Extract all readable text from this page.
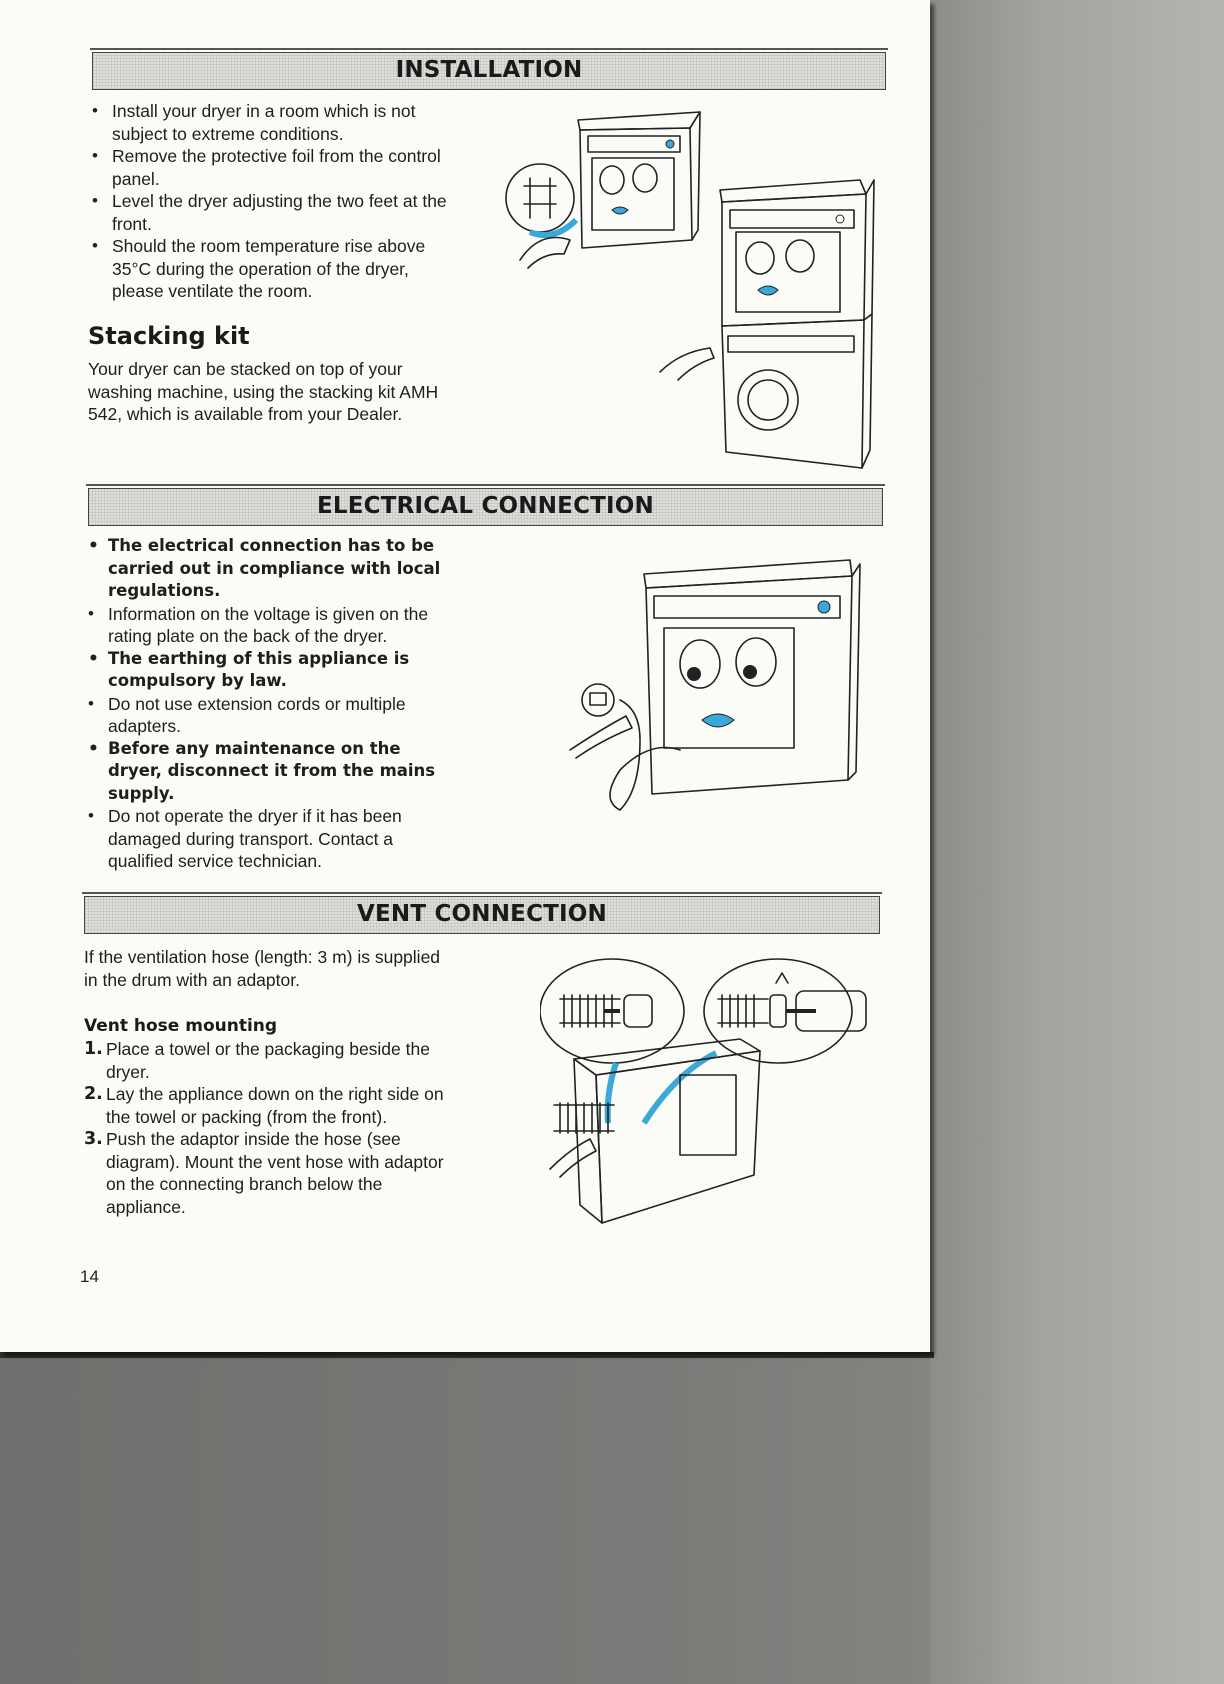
INSTALLATION
• Install your dryer in a room which is not subject to extreme conditions.
• Remove the protective foil from the control panel.
• Level the dryer adjusting the two feet at the front.
• Should the room temperature rise above 35°C during the operation of the dryer, please ventilate the room.
Stacking kit
Your dryer can be stacked on top of your washing machine, using the stacking kit AMH 542, which is available from your Dealer.
ELECTRICAL CONNECTION
• The electrical connection has to be carried out in compliance with local regulations.
• Information on the voltage is given on the rating plate on the back of the dryer.
• The earthing of this appliance is compulsory by law.
• Do not use extension cords or multiple adapters.
• Before any maintenance on the dryer, disconnect it from the mains supply.
• Do not operate the dryer if it has been damaged during transport. Contact a qualified service technician.
VENT CONNECTION
If the ventilation hose (length: 3 m) is supplied in the drum with an adaptor.
Vent hose mounting
1. Place a towel or the packaging beside the dryer.
2. Lay the appliance down on the right side on the towel or packing (from the front).
3. Push the adaptor inside the hose (see diagram). Mount the vent hose with adaptor on the connecting branch below the appliance.
14
